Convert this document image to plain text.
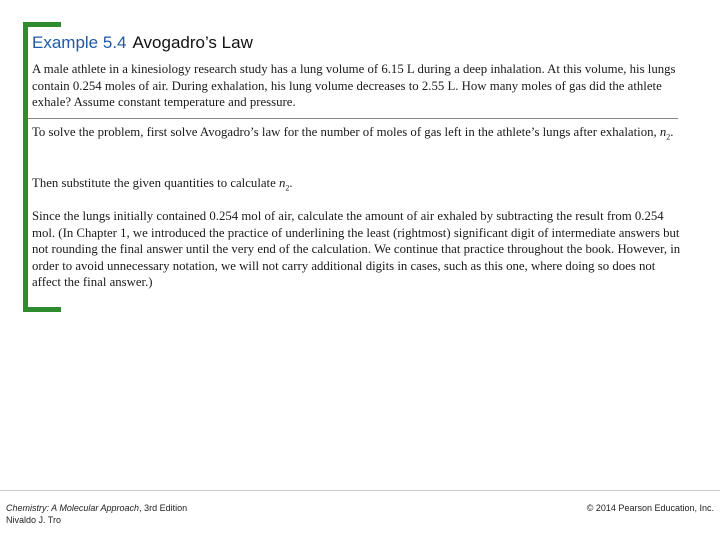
Example 5.4 Avogadro’s Law

A male athlete in a kinesiology research study has a lung volume of 6.15 L during a deep inhalation. At this volume, his lungs contain 0.254 moles of air. During exhalation, his lung volume decreases to 2.55 L. How many moles of gas did the athlete exhale? Assume constant temperature and pressure.

To solve the problem, first solve Avogadro’s law for the number of moles of gas left in the athlete’s lungs after exhalation, $n_2$.

Then substitute the given quantities to calculate $n_2$.

Since the lungs initially contained 0.254 mol of air, calculate the amount of air exhaled by subtracting the result from 0.254 mol. (In Chapter 1, we introduced the practice of underlining the least (rightmost) significant digit of intermediate answers but not rounding the final answer until the very end of the calculation. We continue that practice throughout the book. However, in order to avoid unnecessary notation, we will not carry additional digits in cases, such as this one, where doing so does not affect the final answer.)

Chemistry: A Molecular Approach, 3rd Edition
Nivaldo J. Tro
© 2014 Pearson Education, Inc.
